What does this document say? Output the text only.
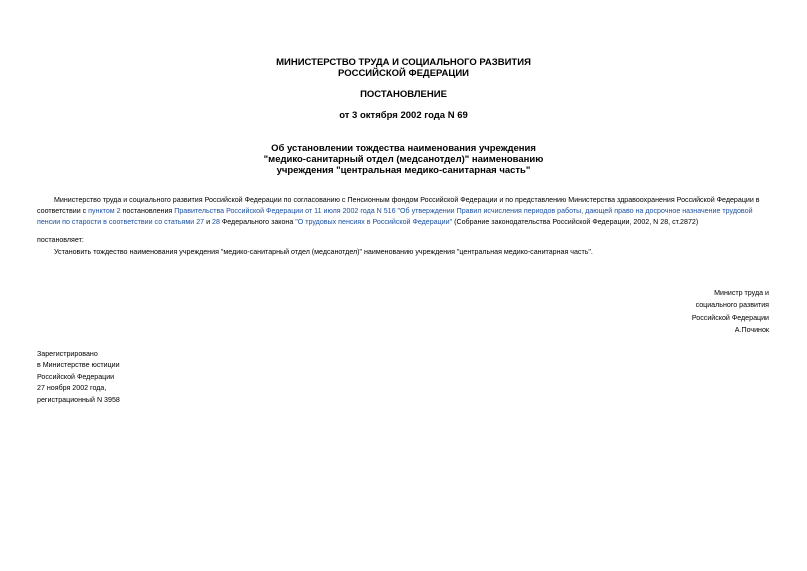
МИНИСТЕРСТВО ТРУДА И СОЦИАЛЬНОГО РАЗВИТИЯ
РОССИЙСКОЙ ФЕДЕРАЦИИ
ПОСТАНОВЛЕНИЕ
от 3 октября 2002 года N 69
Об установлении тождества наименования учреждения
"медико-санитарный отдел (медсанотдел)" наименованию
учреждения "центральная медико-санитарная часть"
Министерство труда и социального развития Российской Федерации по согласованию с Пенсионным фондом Российской Федерации и по представлению Министерства здравоохранения Российской Федерации в соответствии с пунктом 2 постановления Правительства Российской Федерации от 11 июля 2002 года N 516 "Об утверждении Правил исчисления периодов работы, дающей право на досрочное назначение трудовой пенсии по старости в соответствии со статьями 27 и 28 Федерального закона "О трудовых пенсиях в Российской Федерации" (Собрание законодательства Российской Федерации, 2002, N 28, ст.2872)
постановляет:
Установить тождество наименования учреждения "медико-санитарный отдел (медсанотдел)" наименованию учреждения "центральная медико-санитарная часть".
Министр труда и
социального развития
Российской Федерации
А.Починок
Зарегистрировано
в Министерстве юстиции
Российской Федерации
27 ноября 2002 года,
регистрационный N 3958
